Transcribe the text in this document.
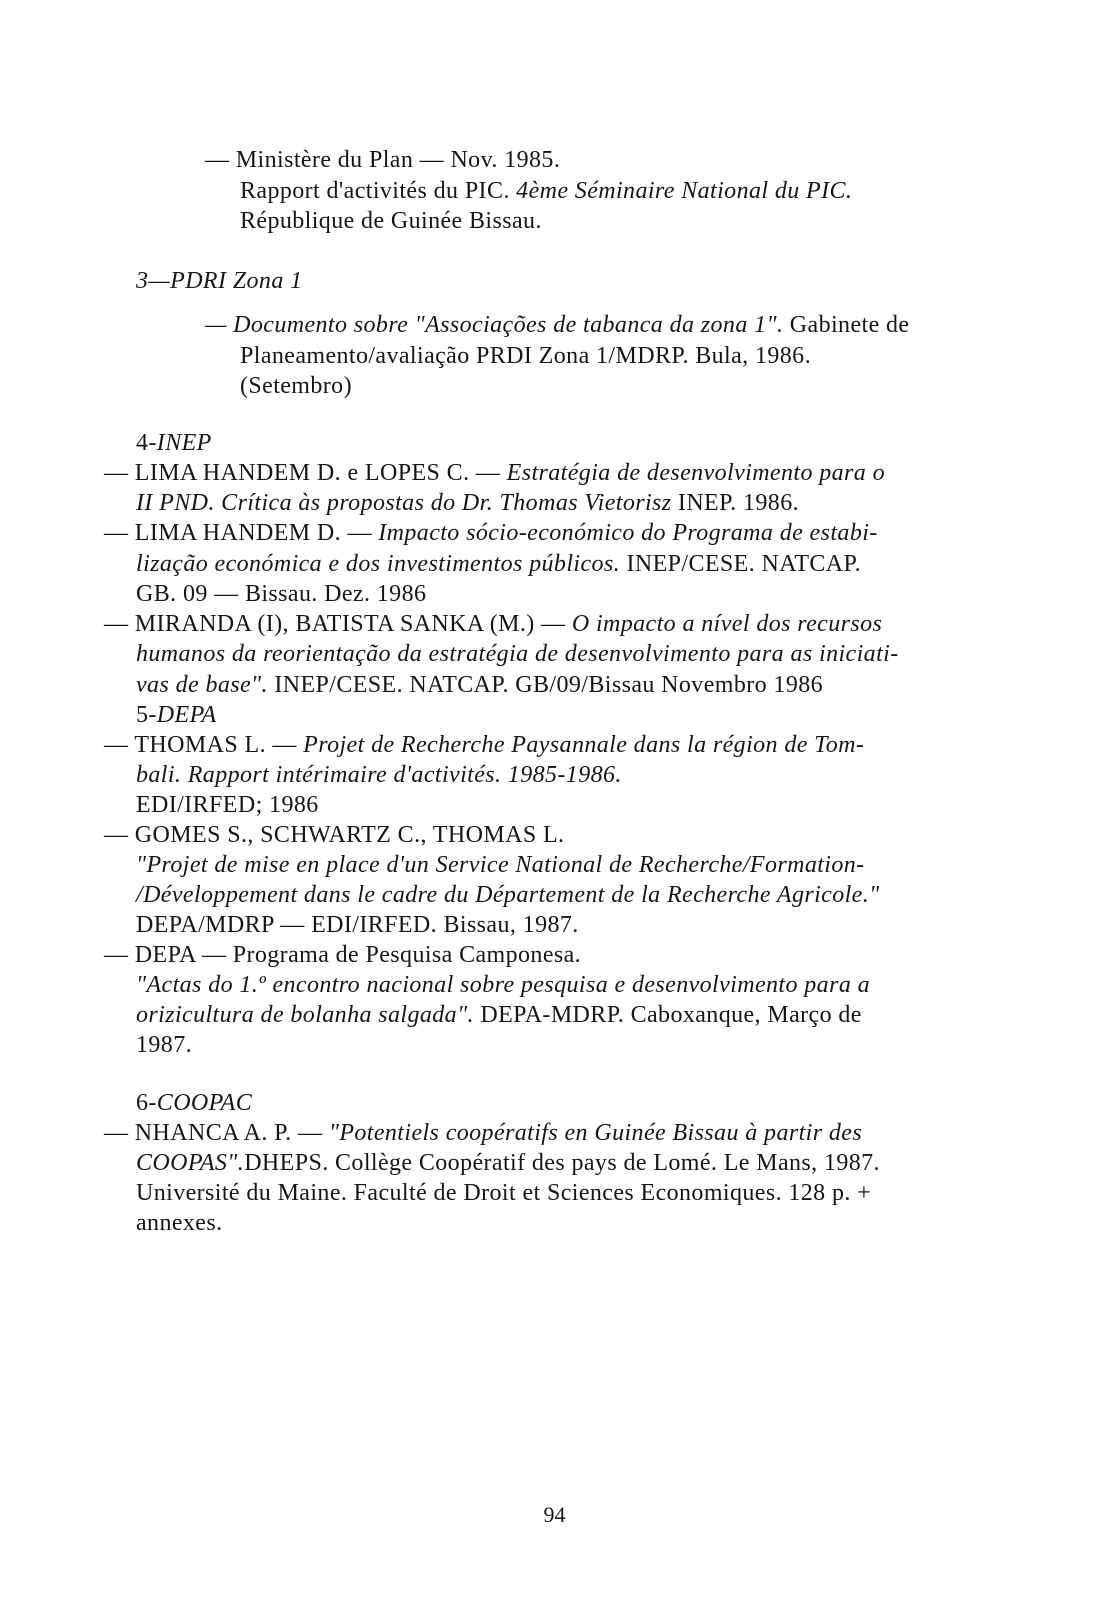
— Ministère du Plan — Nov. 1985.
Rapport d'activités du PIC. 4ème Séminaire National du PIC.
République de Guinée Bissau.
3—PDRI Zona 1
— Documento sobre "Associações de tabanca da zona 1". Gabinete de
Planeamento/avaliação PRDI Zona 1/MDRP. Bula, 1986.
(Setembro)
4-INEP
— LIMA HANDEM D. e LOPES C. — Estratégia de desenvolvimento para o
II PND. Crítica às propostas do Dr. Thomas Vietorisz INEP. 1986.
— LIMA HANDEM D. — Impacto sócio-económico do Programa de estabi-
lização económica e dos investimentos públicos. INEP/CESE. NATCAP.
GB. 09 — Bissau. Dez. 1986
— MIRANDA (I), BATISTA SANKA (M.) — O impacto a nível dos recursos
humanos da reorientação da estratégia de desenvolvimento para as iniciati-
vas de base". INEP/CESE. NATCAP. GB/09/Bissau Novembro 1986
5-DEPA
— THOMAS L. — Projet de Recherche Paysannale dans la région de Tom-
bali. Rapport intérimaire d'activités. 1985-1986.
EDI/IRFED; 1986
— GOMES S., SCHWARTZ C., THOMAS L.
"Projet de mise en place d'un Service National de Recherche/Formation-
/Développement dans le cadre du Département de la Recherche Agricole."
DEPA/MDRP — EDI/IRFED. Bissau, 1987.
— DEPA — Programa de Pesquisa Camponesa.
"Actas do 1.º encontro nacional sobre pesquisa e desenvolvimento para a
orizicultura de bolanha salgada". DEPA-MDRP. Caboxanque, Março de
1987.
6-COOPAC
— NHANCA A. P. — "Potentiels coopératifs en Guinée Bissau à partir des
COOPAS".DHEPS. Collège Coopératif des pays de Lomé. Le Mans, 1987.
Université du Maine. Faculté de Droit et Sciences Economiques. 128 p. +
annexes.
94
